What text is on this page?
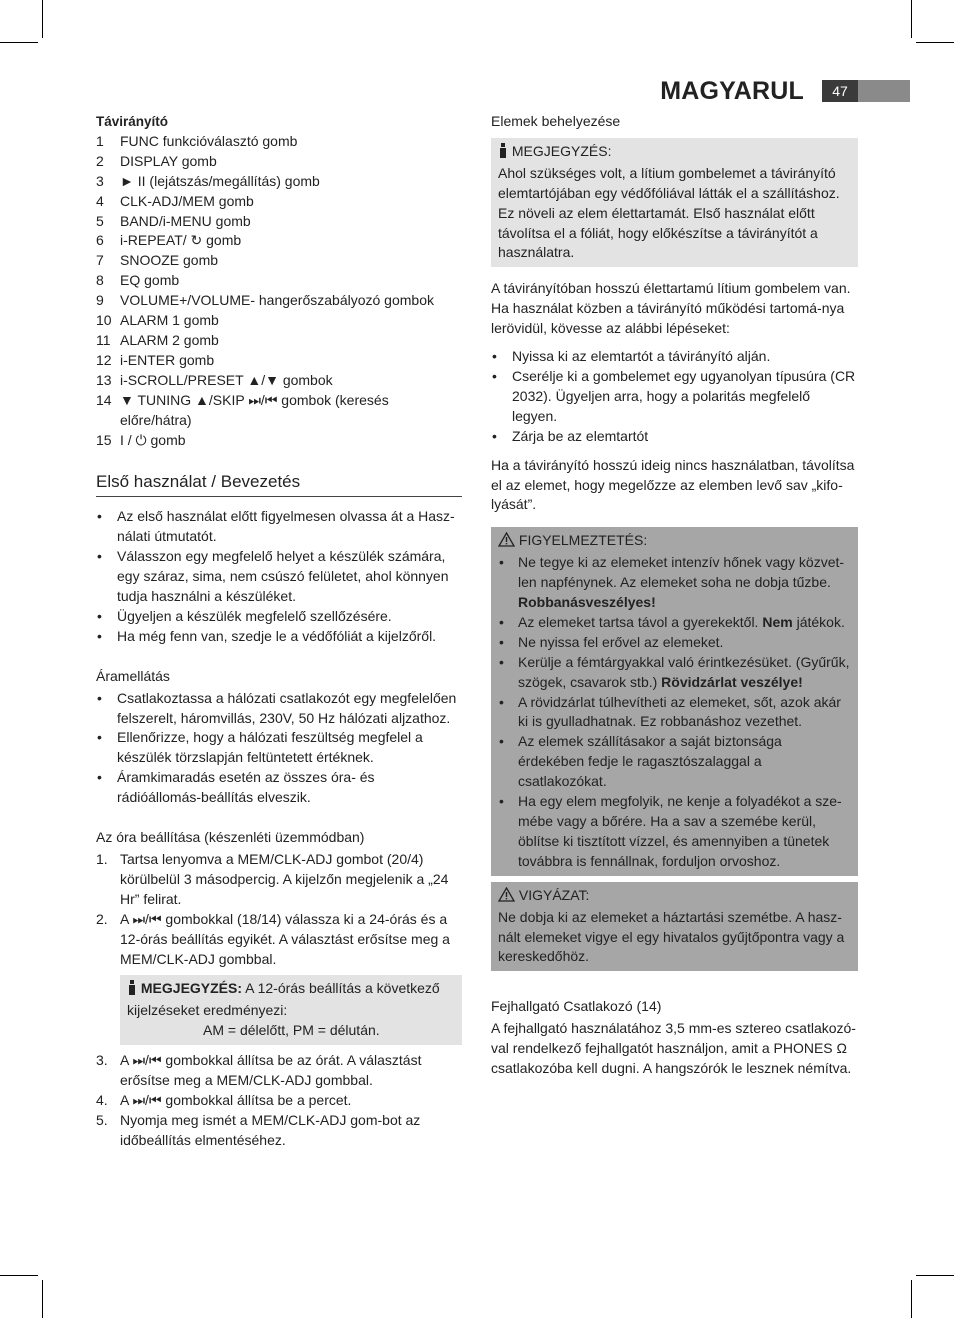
MAGYARUL	47

Távirányító

1 FUNC funkcióválasztó gomb
2 DISPLAY gomb
3 ► II (lejátszás/megállítás) gomb
4 CLK-ADJ/MEM gomb
5 BAND/i-MENU gomb
6 i-REPEAT/ ↻ gomb
7 SNOOZE gomb
8 EQ gomb
9 VOLUME+/VOLUME- hangerőszabályozó gombok
10 ALARM 1 gomb
11 ALARM 2 gomb
12 i-ENTER gomb
13 i-SCROLL/PRESET ▲/▼ gombok
14 ▼ TUNING ▲/SKIP ⏭/⏮ gombok (keresés előre/hátra)
15 I / ⏻ gomb
Első használat / Bevezetés
• Az első használat előtt figyelmesen olvassa át a Hasz-nálati útmutatót.
• Válasszon egy megfelelő helyet a készülék számára, egy száraz, sima, nem csúszó felületet, ahol könnyen tudja használni a készüléket.
• Ügyeljen a készülék megfelelő szellőzésére.
• Ha még fenn van, szedje le a védőfóliát a kijelzőről.

Áramellátás

• Csatlakoztassa a hálózati csatlakozót egy megfelelően felszerelt, háromvillás, 230V, 50 Hz hálózati aljzathoz.
• Ellenőrizze, hogy a hálózati feszültség megfelel a készülék törzslapján feltüntetett értéknek.
• Áramkimaradás esetén az összes óra- és rádióállomás-beállítás elveszik.

Az óra beállítása (készenléti üzemmódban)

1. Tartsa lenyomva a MEM/CLK-ADJ gombot (20/4) körülbelül 3 másodpercig. A kijelzőn megjelenik a „24 Hr” felirat.
2. A ⏭/⏮ gombokkal (18/14) válassza ki a 24-órás és a 12-órás beállítás egyikét. A választást erősítse meg a MEM/CLK-ADJ gombbal.
MEGJEGYZÉS: A 12-órás beállítás a következő kijelzéseket eredményezi:
AM = délelőtt, PM = délután.
3. A ⏭/⏮ gombokkal állítsa be az órát. A választást erősítse meg a MEM/CLK-ADJ gombbal.
4. A ⏭/⏮ gombokkal állítsa be a percet.
5. Nyomja meg ismét a MEM/CLK-ADJ gom-bot az időbeállítás elmentéséhez.

Elemek behelyezése

MEGJEGYZÉS:

Ahol szükséges volt, a lítium gombelemet a távirányító elemtartójában egy védőfóliával látták el a szállításhoz. Ez növeli az elem élettartamát. Első használat előtt távolítsa el a fóliát, hogy előkészítse a távirányítót a használatra.

A távirányítóban hosszú élettartamú lítium gombelem van. Ha használat közben a távirányító működési tartomá-nya lerövidül, kövesse az alábbi lépéseket:

• Nyissa ki az elemtartót a távirányító alján.
• Cserélje ki a gombelemet egy ugyanolyan típusúra (CR 2032). Ügyeljen arra, hogy a polaritás megfelelő legyen.
• Zárja be az elemtartót

Ha a távirányító hosszú ideig nincs használatban, távolítsa el az elemet, hogy megelőzze az elemben levő sav „kifo-lyását”.

FIGYELMEZTETÉS:
• Ne tegye ki az elemeket intenzív hőnek vagy közvet-len napfénynek. Az elemeket soha ne dobja tűzbe. Robbanásveszélyes!
• Az elemeket tartsa távol a gyerekektől. Nem játékok.
• Ne nyissa fel erővel az elemeket.
• Kerülje a fémtárgyakkal való érintkezésüket. (Gyűrűk, szögek, csavarok stb.) Rövidzárlat veszélye!
• A rövidzárlat túlhevítheti az elemeket, sőt, azok akár ki is gyulladhatnak. Ez robbanáshoz vezethet.
• Az elemek szállításakor a saját biztonsága érdekében fedje le ragasztószalaggal a csatlakozókat.
• Ha egy elem megfolyik, ne kenje a folyadékot a sze-mébe vagy a bőrére. Ha a sav a szemébe kerül, öblítse ki tisztított vízzel, és amennyiben a tünetek továbbra is fennállnak, forduljon orvoshoz.
VIGYÁZAT:

Ne dobja ki az elemeket a háztartási szemétbe. A hasz-nált elemeket vigye el egy hivatalos gyűjtőpontra vagy a kereskedőhöz.

Fejhallgató Csatlakozó (14)

A fejhallgató használatához 3,5 mm-es sztereo csatlakozó-val rendelkező fejhallgatót használjon, amit a PHONES Ω csatlakozóba kell dugni. A hangszórók le lesznek némítva.
